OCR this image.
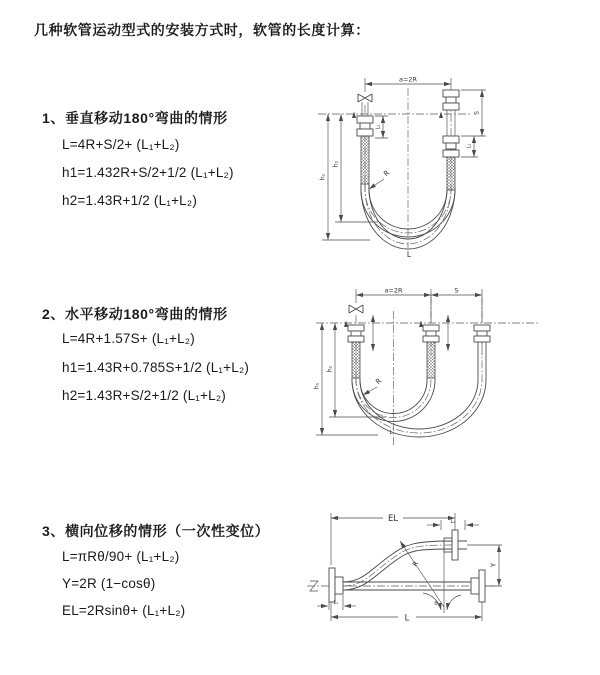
几种软管运动型式的安装方式时，软管的长度计算：
1、垂直移动180°弯曲的情形
L=4R+S/2+ (L₁+L₂)
h1=1.432R+S/2+1/2 (L₁+L₂)
h2=1.43R+1/2 (L₁+L₂)
2、水平移动180°弯曲的情形
L=4R+1.57S+ (L₁+L₂)
h1=1.43R+0.785S+1/2 (L₁+L₂)
h2=1.43R+S/2+1/2 (L₁+L₂)
3、横向位移的情形（一次性变位）
L=πRθ/90+ (L₁+L₂)
Y=2R (1−cosθ)
EL=2Rsinθ+ (L₁+L₂)
a=2R
h₁
h₂
L₁
S
L₂
R
L
a=2R	S
h₁
h₂
R
L
EL	L₂
R
θ
Y
L₁
L
